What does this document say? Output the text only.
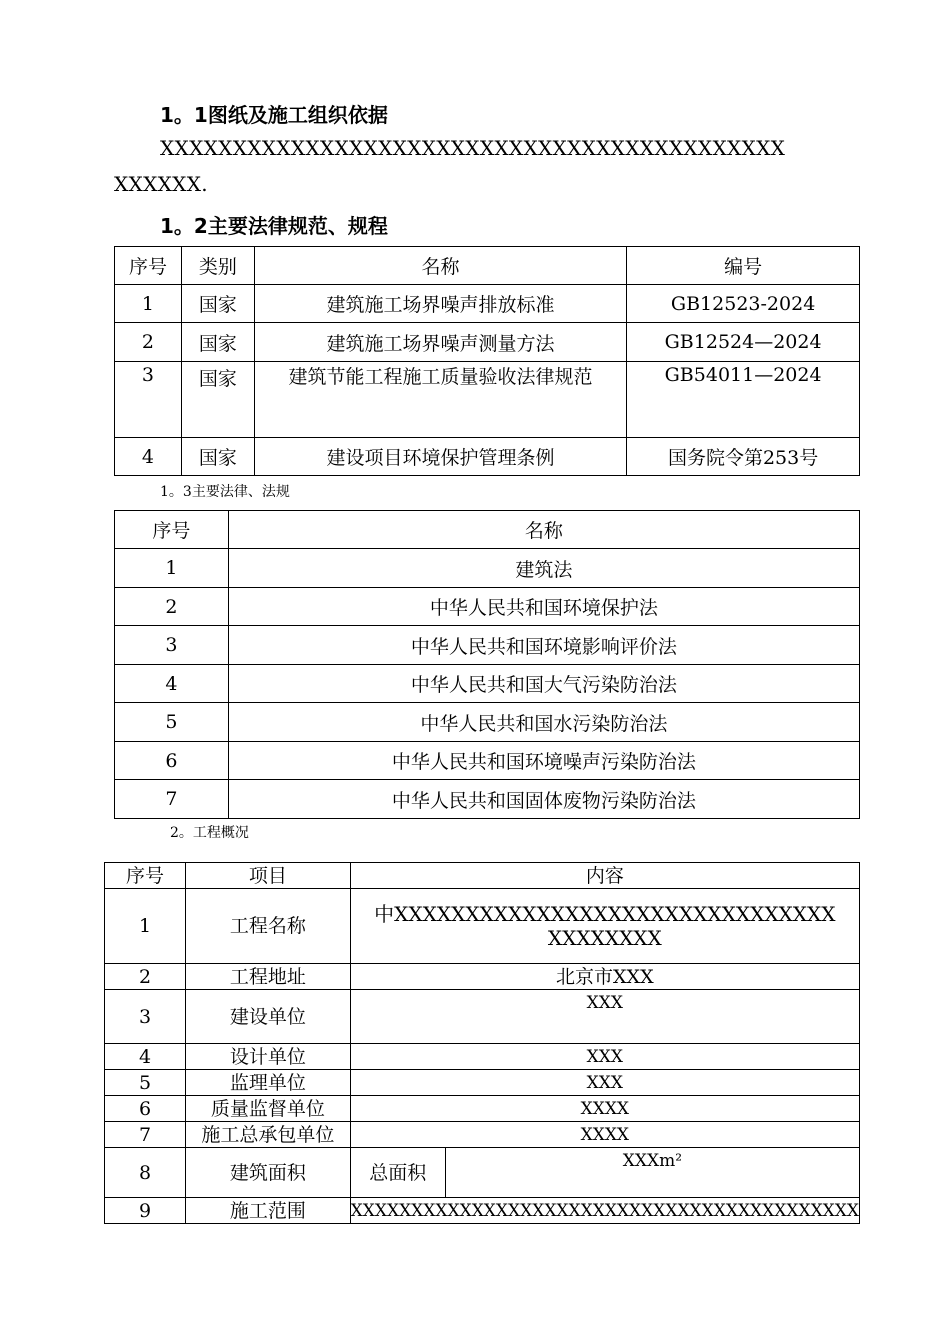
1。1图纸及施工组织依据
XXXXXXXXXXXXXXXXXXXXXXXXXXXXXXXXXXXXXXXXXXX
XXXXXX.
1。2主要法律规范、规程
序号	类别	名称	编号
1	国家	建筑施工场界噪声排放标准	GB12523-2024
2	国家	建筑施工场界噪声测量方法	GB12524—2024
3	国家	建筑节能工程施工质量验收法律规范	GB54011—2024
4	国家	建设项目环境保护管理条例	国务院令第253号
1。3主要法律、法规
序号	名称
1	建筑法
2	中华人民共和国环境保护法
3	中华人民共和国环境影响评价法
4	中华人民共和国大气污染防治法
5	中华人民共和国水污染防治法
6	中华人民共和国环境噪声污染防治法
7	中华人民共和国固体废物污染防治法
2。工程概况
序号	项目	内容	
1	工程名称	中XXXXXXXXXXXXXXXXXXXXXXXXXXXXXXXXXXXXXXX	

2	工程地址	北京市XXX	
3	建设单位	XXX	
4	设计单位	XXX	
5	监理单位	XXX	
6	质量监督单位	XXXX	
7	施工总承包单位	XXXX	
8	建筑面积	总面积	XXXm²
9	施工范围	XXXXXXXXXXXXXXXXXXXXXXXXXXXXXXXXXXXXXXXXXX	
